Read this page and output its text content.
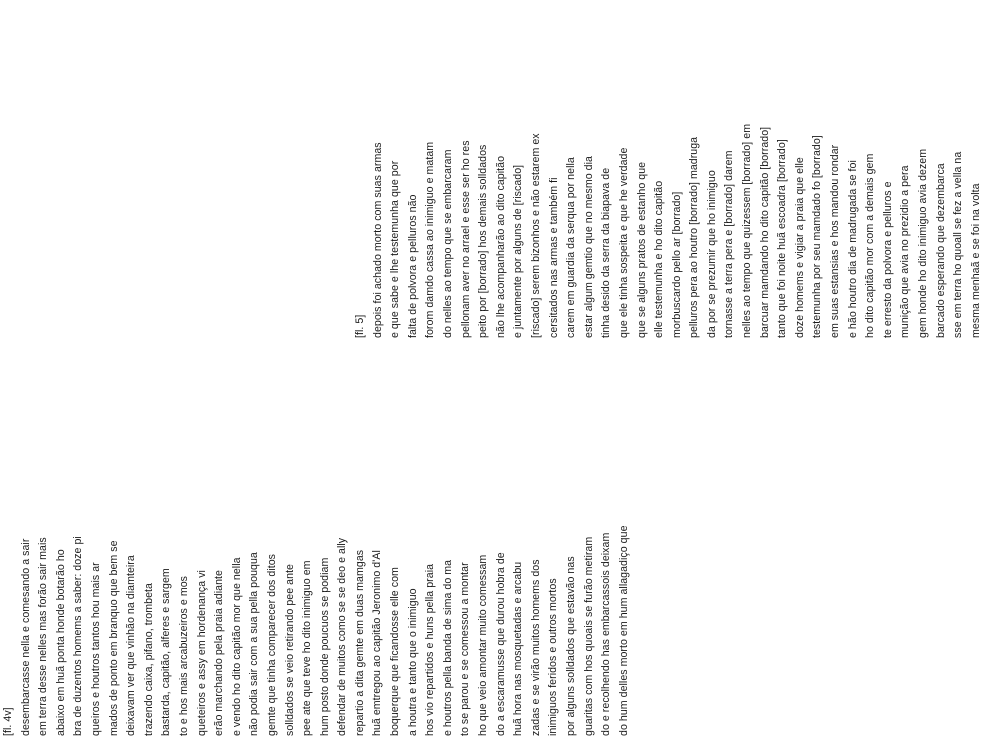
[fl. 4v] desembarcasse nella e comesando a sair em terra desse nelles mas forão sair mais abaixo em huã ponta honde botarão ho bra de duzentos homems a saber: doze pi queiros e houtros tantos hou mais ar mados de ponto em branquo que bem se deixavam ver que vinhão na diamteira trazendo caixa, pifano, trombeta bastarda, capitão, alferes e sargem to e hos mais arcabuzeiros e mos queteiros e assy em hordenança vi erão marchando pela praia adiante e vendo ho dito capitão mor que nella não podia sair com a sua pella pouqua gemte que tinha comparecer dos ditos solldados se veio retirando pee ante pee ate que teve ho dito inimiguo em hum posto donde poucuos se podiam defendar de muitos como se se deo e ally repartio a dita gemte em duas mamgas huã emtregou ao capitão Jeronimo d'Al boquerque que ficandosse elle com a houtra e tanto que o inimiguo hos vio repartidos e huns pella praia e houtros pella banda de sima do ma to se parou e se comessou a montar ho que veio amontar muito comessam do a escaramusse que durou hobra de huã hora nas mosquetadas e arcabu zadas e se virão muitos homems dos inimiguos feridos e outros mortos por alguns solldados que estavão nas guaritas com hos quoais se furão metiram do e recolhendo has embarcassois deixam do hum delles morto em hum allagadiço que
[fl. 5] depois foi achado morto com suas armas e que sabe e lhe testemunha que por falta de polvora e pelluros não forom damdo cassa ao inimiguo e matam do nelles ao tempo que se embarcaram pellonam aver no arrael e esse ser ho res peito por [borrado] hos demais solldados não lhe acompanharão ao dito capitão e juntamente por alguns de [riscado] [riscado] serem bizonhos e não estarem ex cersitados nas armas e também fi carem em guardia da serqua por nella estar algum gemtio que no mesmo dia tinha desido da serra da biapava de que ele tinha sospeita e que he verdade que se alguns pratos de estanho que elle testemunha e ho dito capitão morbuscardo pello ar [borrado] pelluros pera ao houtro [borrado] madruga da por se prezumir que ho inimiguo tornasse a terra pera e [borrado] darem nelles ao tempo que quizessem [borrado] em barcuar mamdando ho dito capitão [borrado] tanto que foi noite huã escoadra [borrado] doze homems e vigiar a praia que elle testemunha por seu mamdado fo [borrado] em suas estansias e hos mandou rondar e hão houtro dia de madrugada se foi ho dito capitão mor com a demais gem te erresto da polvora e pelluros e munição que avia no prezidio a pera gem honde ho dito inimiguo avia dezem barcado esperando que dezembarca sse em terra ho quoall se fez a vella na mesma menhaã e se foi na volta
